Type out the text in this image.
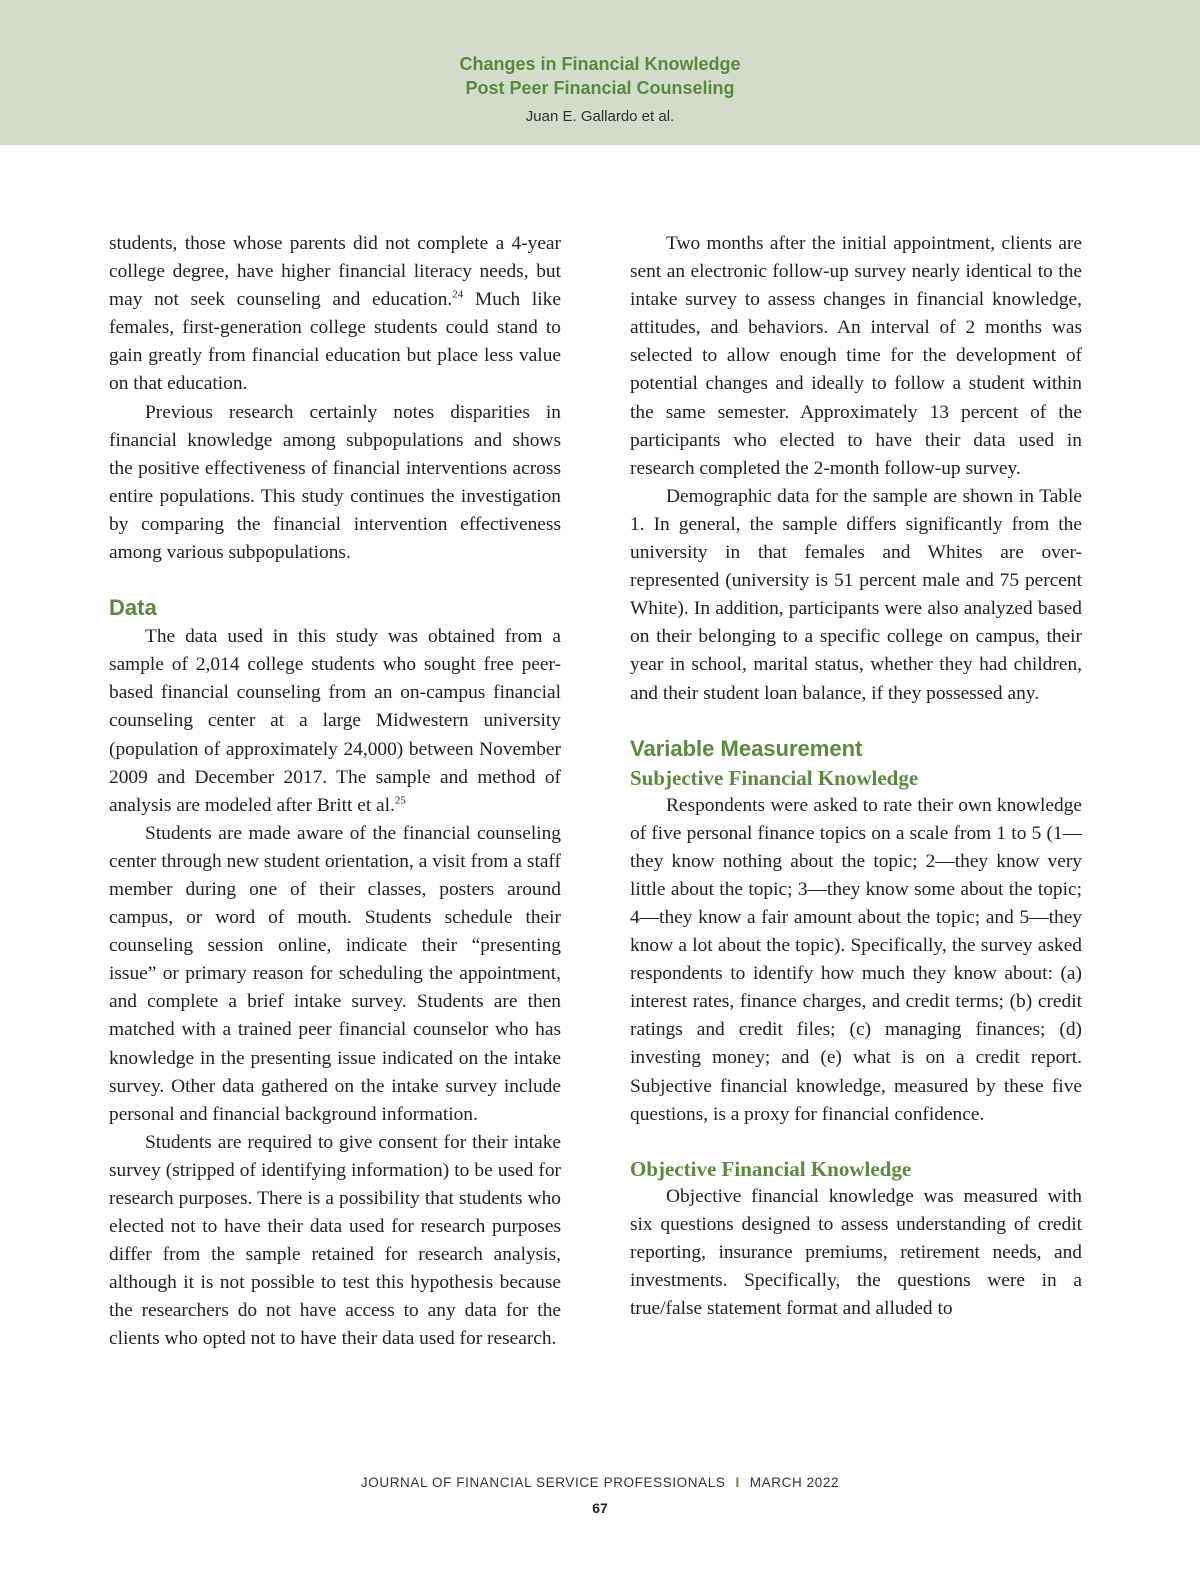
Changes in Financial Knowledge
Post Peer Financial Counseling
Juan E. Gallardo et al.

students, those whose parents did not complete a 4-year college degree, have higher financial literacy needs, but may not seek counseling and education.$^{24}$ Much like females, first-generation college students could stand to gain greatly from financial education but place less value on that education.

Previous research certainly notes disparities in financial knowledge among subpopulations and shows the positive effectiveness of financial interventions across entire populations. This study continues the investigation by comparing the financial intervention effectiveness among various subpopulations.

Data

The data used in this study was obtained from a sample of 2,014 college students who sought free peer-based financial counseling from an on-campus financial counseling center at a large Midwestern university (population of approximately 24,000) between November 2009 and December 2017. The sample and method of analysis are modeled after Britt et al.$^{25}$

Students are made aware of the financial counseling center through new student orientation, a visit from a staff member during one of their classes, posters around campus, or word of mouth. Students schedule their counseling session online, indicate their “presenting issue” or primary reason for scheduling the appointment, and complete a brief intake survey. Students are then matched with a trained peer financial counselor who has knowledge in the presenting issue indicated on the intake survey. Other data gathered on the intake survey include personal and financial background information.

Students are required to give consent for their intake survey (stripped of identifying information) to be used for research purposes. There is a possibility that students who elected not to have their data used for research purposes differ from the sample retained for research analysis, although it is not possible to test this hypothesis because the researchers do not have access to any data for the clients who opted not to have their data used for research.

Two months after the initial appointment, clients are sent an electronic follow-up survey nearly identical to the intake survey to assess changes in financial knowledge, attitudes, and behaviors. An interval of 2 months was selected to allow enough time for the development of potential changes and ideally to follow a student within the same semester. Approximately 13 percent of the participants who elected to have their data used in research completed the 2-month follow-up survey.

Demographic data for the sample are shown in Table 1. In general, the sample differs significantly from the university in that females and Whites are over-represented (university is 51 percent male and 75 percent White). In addition, participants were also analyzed based on their belonging to a specific college on campus, their year in school, marital status, whether they had children, and their student loan balance, if they possessed any.

Variable Measurement
Subjective Financial Knowledge

Respondents were asked to rate their own knowledge of five personal finance topics on a scale from 1 to 5 (1—they know nothing about the topic; 2—they know very little about the topic; 3—they know some about the topic; 4—they know a fair amount about the topic; and 5—they know a lot about the topic). Specifically, the survey asked respondents to identify how much they know about: (a) interest rates, finance charges, and credit terms; (b) credit ratings and credit files; (c) managing finances; (d) investing money; and (e) what is on a credit report. Subjective financial knowledge, measured by these five questions, is a proxy for financial confidence.

Objective Financial Knowledge

Objective financial knowledge was measured with six questions designed to assess understanding of credit reporting, insurance premiums, retirement needs, and investments. Specifically, the questions were in a true/false statement format and alluded to

JOURNAL OF FINANCIAL SERVICE PROFESSIONALS I MARCH 2022
67
